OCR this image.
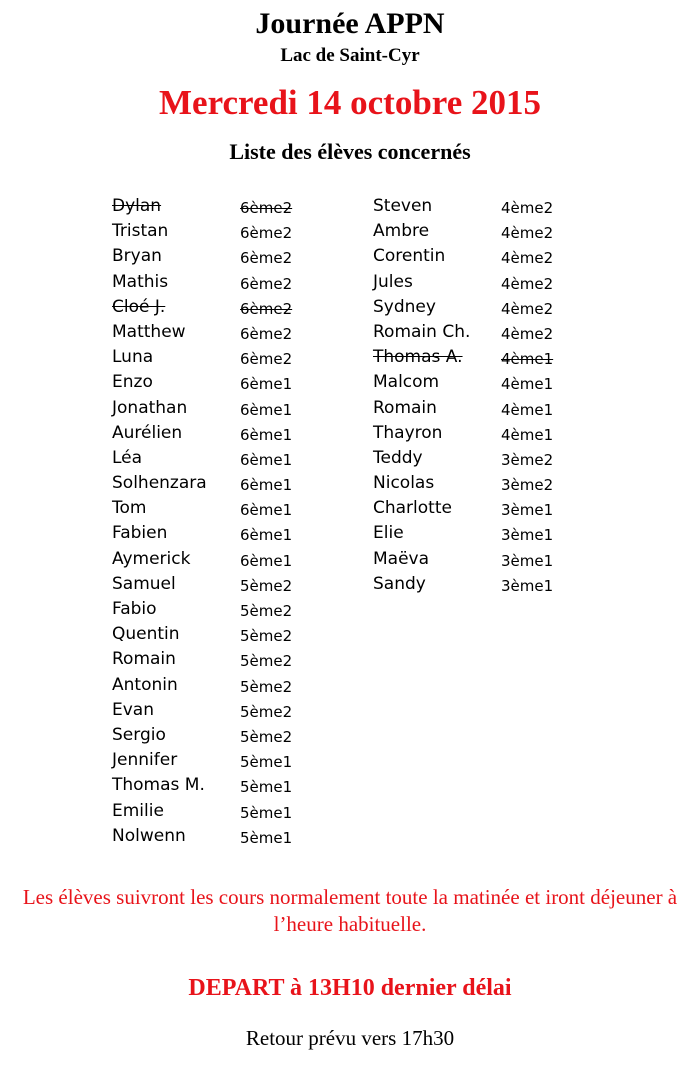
Journée APPN
Lac de Saint-Cyr
Mercredi 14 octobre 2015
Liste des élèves concernés
Dylan	6ème2
Tristan	6ème2
Bryan	6ème2
Mathis	6ème2
Cloé J.	6ème2
Matthew	6ème2
Luna	6ème2
Enzo	6ème1
Jonathan	6ème1
Aurélien	6ème1
Léa	6ème1
Solhenzara 6ème1
Tom	6ème1
Fabien	6ème1
Aymerick	6ème1
Samuel	5ème2
Fabio	5ème2
Quentin	5ème2
Romain	5ème2
Antonin	5ème2
Evan	5ème2
Sergio	5ème2
Jennifer	5ème1
Thomas M. 5ème1
Emilie	5ème1
Nolwenn	5ème1
Steven	4ème2
Ambre	4ème2
Corentin	4ème2
Jules	4ème2
Sydney	4ème2
Romain Ch. 4ème2
Thomas A.	4ème1
Malcom	4ème1
Romain	4ème1
Thayron	4ème1
Teddy	3ème2
Nicolas	3ème2
Charlotte	3ème1
Elie	3ème1
Maëva	3ème1
Sandy	3ème1
Les élèves suivront les cours normalement toute la matinée et iront déjeuner à l’heure habituelle.
DEPART à 13H10 dernier délai
Retour prévu vers 17h30
